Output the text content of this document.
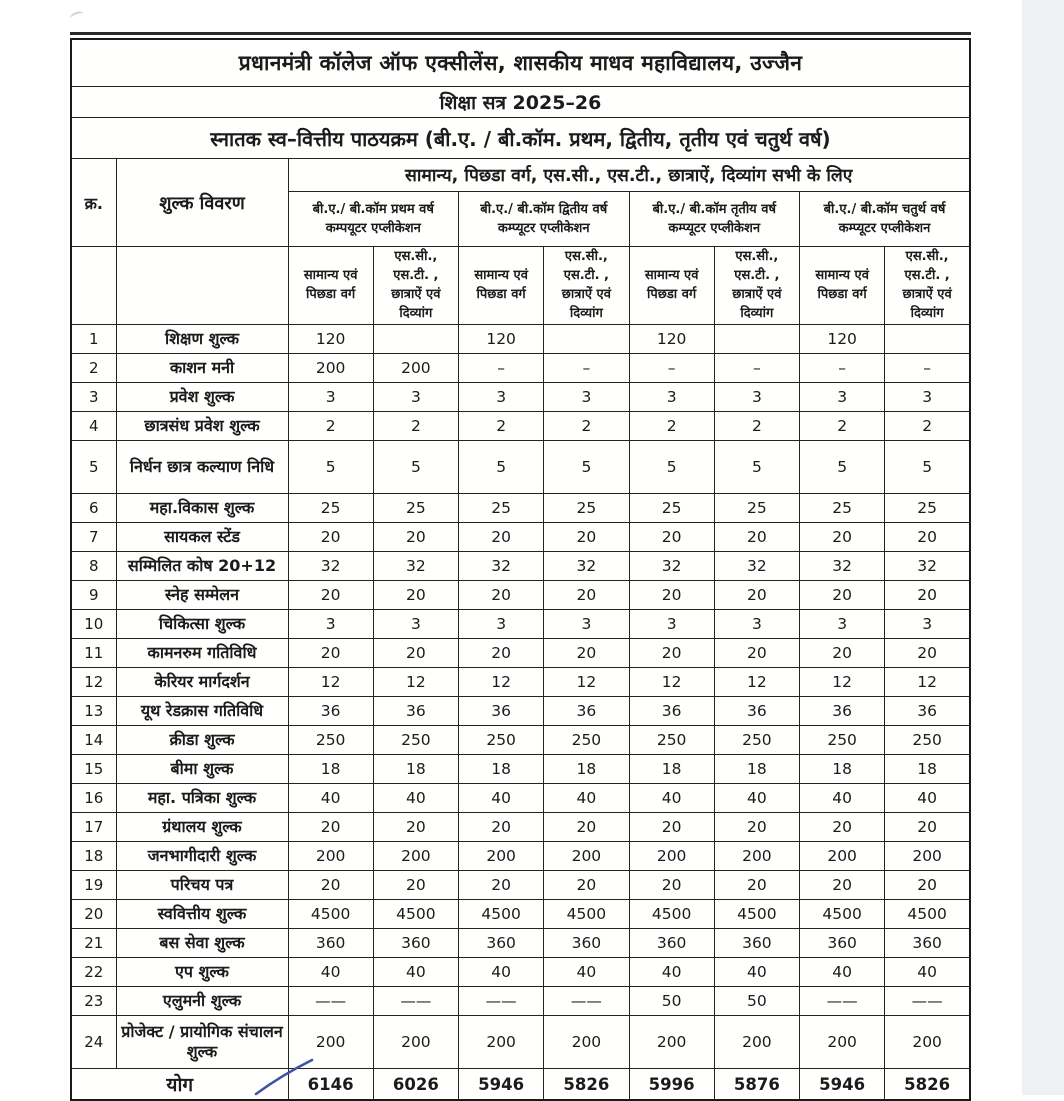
प्रधानमंत्री कॉलेज ऑफ एक्सीलेंस, शासकीय माधव महाविद्यालय, उज्जैन									
शिक्षा सत्र 2025–26									
स्नातक स्व–वित्तीय पाठयक्रम (बी.ए. / बी.कॉम. प्रथम, द्वितीय, तृतीय एवं चतुर्थ वर्ष)									
क्र.	शुल्क विवरण	सामान्य, पिछडा वर्ग, एस.सी., एस.टी., छात्राऐं, दिव्यांग सभी के लिए							
		बी.ए./ बी.कॉम प्रथम वर्ष कम्पयूटर एप्लीकेशन		बी.ए./ बी.कॉम द्वितीय वर्ष कम्प्यूटर एप्लीकेशन		बी.ए./ बी.कॉम तृतीय वर्ष कम्प्यूटर एप्लीकेशन		बी.ए./ बी.कॉम चतुर्थ वर्ष कम्प्यूटर एप्लीकेशन	
		सामान्य एवं पिछडा वर्ग	एस.सी., एस.टी. , छात्राऐं एवं दिव्यांग	सामान्य एवं पिछडा वर्ग	एस.सी., एस.टी. , छात्राऐं एवं दिव्यांग	सामान्य एवं पिछडा वर्ग	एस.सी., एस.टी. , छात्राऐं एवं दिव्यांग	सामान्य एवं पिछडा वर्ग	एस.सी., एस.टी. , छात्राऐं एवं दिव्यांग
1	शिक्षण शुल्क	120		120		120		120	
2	काशन मनी	200	200	–	–	–	–	–	–
3	प्रवेश शुल्क	3	3	3	3	3	3	3	3
4	छात्रसंध प्रवेश शुल्क	2	2	2	2	2	2	2	2
5	निर्धन छात्र कल्याण निधि	5	5	5	5	5	5	5	5
6	महा.विकास शुल्क	25	25	25	25	25	25	25	25
7	सायकल स्टेंड	20	20	20	20	20	20	20	20
8	सम्मिलित कोष 20+12	32	32	32	32	32	32	32	32
9	स्नेह सम्मेलन	20	20	20	20	20	20	20	20
10	चिकित्सा शुल्क	3	3	3	3	3	3	3	3
11	कामनरुम गतिविधि	20	20	20	20	20	20	20	20
12	केरियर मार्गदर्शन	12	12	12	12	12	12	12	12
13	यूथ रेडक्रास गतिविधि	36	36	36	36	36	36	36	36
14	क्रीडा शुल्क	250	250	250	250	250	250	250	250
15	बीमा शुल्क	18	18	18	18	18	18	18	18
16	महा. पत्रिका शुल्क	40	40	40	40	40	40	40	40
17	ग्रंथालय शुल्क	20	20	20	20	20	20	20	20
18	जनभागीदारी शुल्क	200	200	200	200	200	200	200	200
19	परिचय पत्र	20	20	20	20	20	20	20	20
20	स्ववित्तीय शुल्क	4500	4500	4500	4500	4500	4500	4500	4500
21	बस सेवा शुल्क	360	360	360	360	360	360	360	360
22	एप शुल्क	40	40	40	40	40	40	40	40
23	एलुमनी शुल्क	——	——	——	——	50	50	——	——
24	प्रोजेक्ट / प्रायोगिक संचालन शुल्क	200	200	200	200	200	200	200	200
योग		6146	6026	5946	5826	5996	5876	5946	5826
